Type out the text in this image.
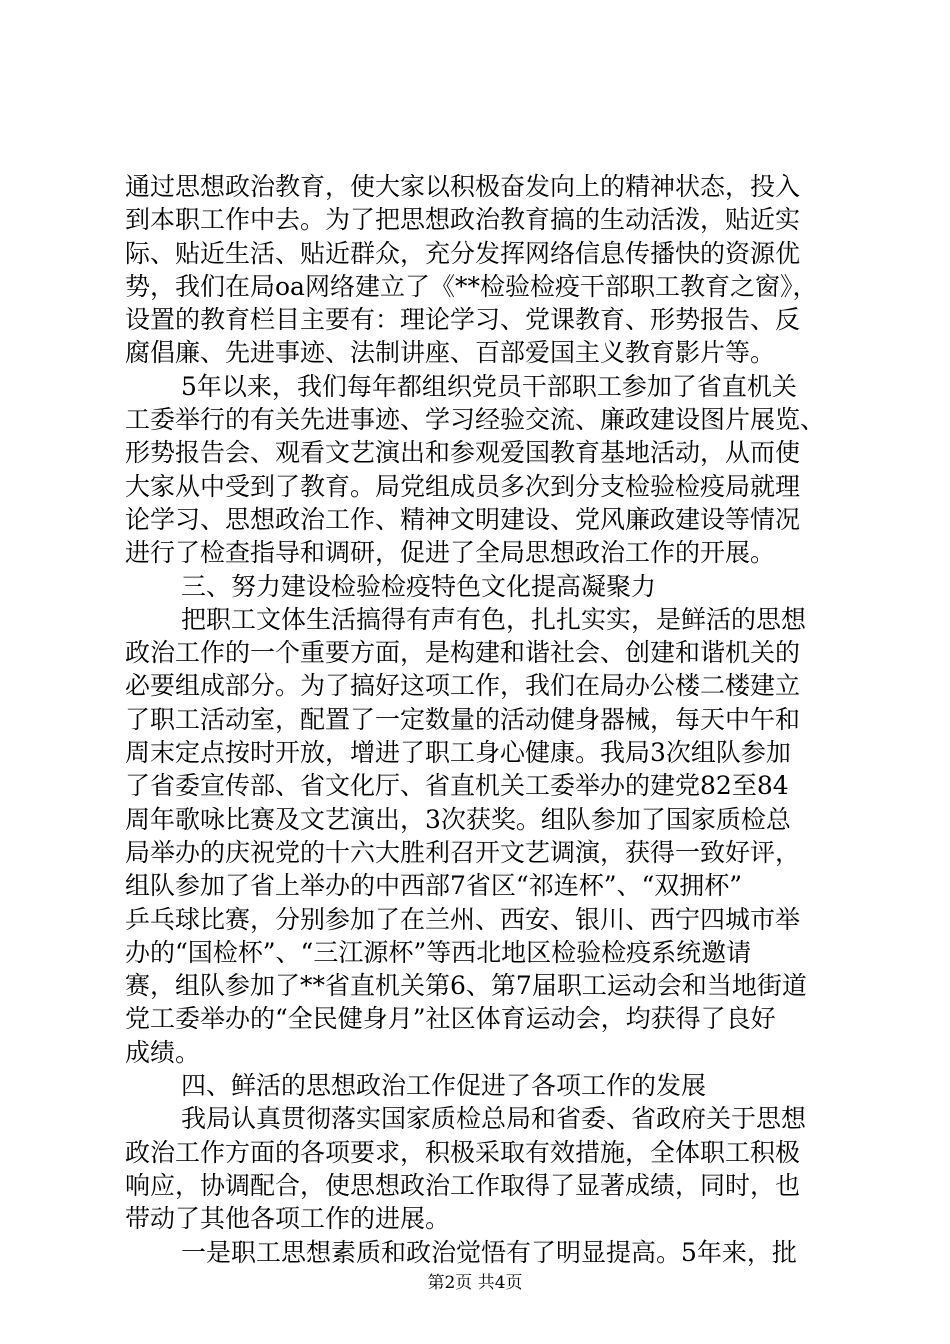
通过思想政治教育，使大家以积极奋发向上的精神状态，投入
到本职工作中去。为了把思想政治教育搞的生动活泼，贴近实
际、贴近生活、贴近群众，充分发挥网络信息传播快的资源优
势，我们在局oa网络建立了《**检验检疫干部职工教育之窗》，
设置的教育栏目主要有：理论学习、党课教育、形势报告、反
腐倡廉、先进事迹、法制讲座、百部爱国主义教育影片等。
5年以来，我们每年都组织党员干部职工参加了省直机关
工委举行的有关先进事迹、学习经验交流、廉政建设图片展览、
形势报告会、观看文艺演出和参观爱国教育基地活动，从而使
大家从中受到了教育。局党组成员多次到分支检验检疫局就理
论学习、思想政治工作、精神文明建设、党风廉政建设等情况
进行了检查指导和调研，促进了全局思想政治工作的开展。
三、努力建设检验检疫特色文化提高凝聚力
把职工文体生活搞得有声有色，扎扎实实，是鲜活的思想
政治工作的一个重要方面，是构建和谐社会、创建和谐机关的
必要组成部分。为了搞好这项工作，我们在局办公楼二楼建立
了职工活动室，配置了一定数量的活动健身器械，每天中午和
周末定点按时开放，增进了职工身心健康。我局3次组队参加
了省委宣传部、省文化厅、省直机关工委举办的建党82至84
周年歌咏比赛及文艺演出，3次获奖。组队参加了国家质检总
局举办的庆祝党的十六大胜利召开文艺调演，获得一致好评，
组队参加了省上举办的中西部7省区“祁连杯”、“双拥杯”
乒乓球比赛，分别参加了在兰州、西安、银川、西宁四城市举
办的“国检杯”、“三江源杯”等西北地区检验检疫系统邀请
赛，组队参加了**省直机关第6、第7届职工运动会和当地街道
党工委举办的“全民健身月”社区体育运动会，均获得了良好
成绩。
四、鲜活的思想政治工作促进了各项工作的发展
我局认真贯彻落实国家质检总局和省委、省政府关于思想
政治工作方面的各项要求，积极采取有效措施，全体职工积极
响应，协调配合，使思想政治工作取得了显著成绩，同时，也
带动了其他各项工作的进展。
一是职工思想素质和政治觉悟有了明显提高。5年来，批
第2页 共4页
